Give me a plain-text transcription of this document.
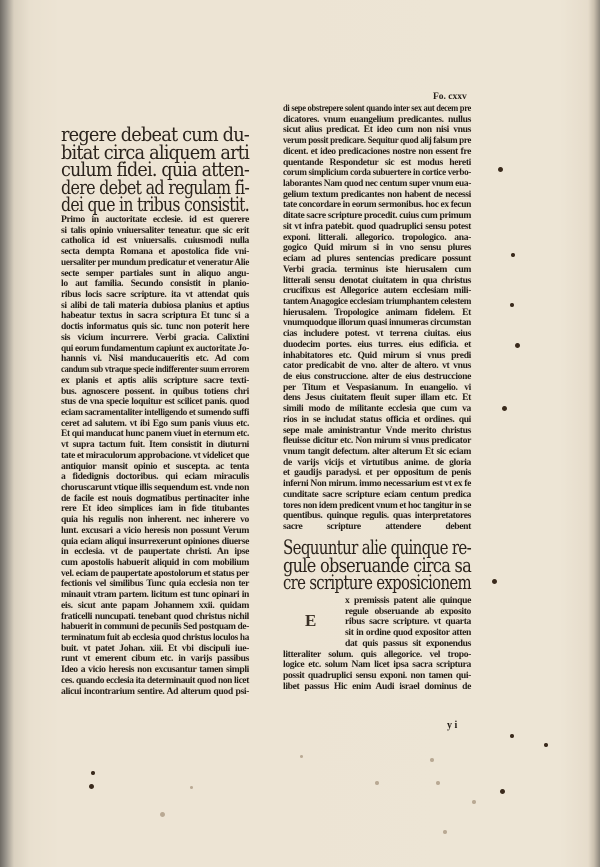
regere debeat cum du-
bitat circa aliquem arti
culum fidei. quia atten-
dere debet ad regulam fi-
dei que in tribus consistit.
Primo in auctoritate ecclesie. id est querere
si talis opinio vniuersaliter teneatur. que sic erit
catholica id est vniuersalis. cuiusmodi nulla
secta dempta Romana et apostolica fide vni-
uersaliter per mundum predicatur et veneratur Alie
secte semper partiales sunt in aliquo angu-
lo aut familia. Secundo consistit in planio-
ribus locis sacre scripture. ita vt attendat quis
si alibi de tali materia dubiosa planius et aptius
habeatur textus in sacra scriptura Et tunc si a
doctis informatus quis sic. tunc non poterit here
sis vicium incurrere. Verbi gracia. Calixtini
qui eorum fundamentum capiunt ex auctoritate Jo-
hannis vi. Nisi manducaueritis etc. Ad com
candum sub vtraque specie indifferenter suum errorem
ex planis et aptis aliis scripture sacre texti-
bus. agnoscere possent. in quibus totiens chri
stus de vna specie loquitur est scilicet panis. quod
eciam sacramentaliter intelligendo et sumendo suffi
ceret ad salutem. vt ibi Ego sum panis viuus etc.
Et qui manducat hunc panem viuet in eternum etc.
vt supra tactum fuit. Item consistit in diuturni
tate et miraculorum approbacione. vt videlicet que
antiquior mansit opinio et suscepta. ac tenta
a fidedignis doctoribus. qui eciam miraculis
choruscarunt vtique illis sequendum est. vnde non
de facile est nouis dogmatibus pertinaciter inhe
rere Et ideo simplices iam in fide titubantes
quia his regulis non inherent. nec inherere vo
lunt. excusari a vicio heresis non possunt Verum
quia eciam aliqui insurrexerunt opiniones diuerse
in ecclesia. vt de paupertate christi. An ipse
cum apostolis habuerit aliquid in com mobilium
vel. eciam de paupertate apostolorum et status per
fectionis vel similibus Tunc quia ecclesia non ter
minauit vtram partem. licitum est tunc opinari in
eis. sicut ante papam Johannem xxii. quidam
fraticelli nuncupati. tenebant quod christus nichil
habuerit in communi de pecuniis Sed postquam de-
terminatum fuit ab ecclesia quod christus loculos ha
buit. vt patet Johan. xiii. Et vbi discipuli iue-
runt vt emerent cibum etc. in varijs passibus
Ideo a vicio heresis non excusantur tamen simpli
ces. quando ecclesia ita determinauit quod non licet
alicui incontrarium sentire. Ad alterum quod psi-
Fo. cxxv
di sepe obstrepere solent quando inter sex aut decem pre
dicatores. vnum euangelium predicantes. nullus
sicut alius predicat. Et ideo cum non nisi vnus
verum possit predicare. Sequitur quod alij falsum pre
dicent. et ideo predicaciones nostre non essent fre
quentande Respondetur sic est modus hereti
corum simplicium corda subuertere in cortice verbo-
laborantes Nam quod nec centum super vnum eua-
gelium textum predicantes non habent de necessi
tate concordare in eorum sermonibus. hoc ex fecun
ditate sacre scripture procedit. cuius cum primum
sit vt infra patebit. quod quadruplici sensu potest
exponi. litterali. allegorico. tropologico. ana-
gogico Quid mirum si in vno sensu plures
eciam ad plures sentencias predicare possunt
Verbi gracia. terminus iste hierusalem cum
litterali sensu denotat ciuitatem in qua christus
crucifixus est Allegorice autem ecclesiam mili-
tantem Anagogice ecclesiam triumphantem celestem
hierusalem. Tropologice animam fidelem. Et
vnumquodque illorum quasi innumeras circumstan
cias includere potest. vt terrena ciuitas. eius
duodecim portes. eius turres. eius edificia. et
inhabitatores etc. Quid mirum si vnus predi
cator predicabit de vno. alter de altero. vt vnus
de eius construccione. alter de eius destruccione
per Titum et Vespasianum. In euangelio. vi
dens Jesus ciuitatem fleuit super illam etc. Et
simili modo de militante ecclesia que cum va
rios in se includat status officia et ordines. qui
sepe male aministrantur Vnde merito christus
fleuisse dicitur etc. Non mirum si vnus predicator
vnum tangit defectum. alter alterum Et sic eciam
de varijs vicijs et virtutibus anime. de gloria
et gaudijs paradysi. et per oppositum de penis
inferni Non mirum. immo necessarium est vt ex fe
cunditate sacre scripture eciam centum predica
tores non idem predicent vnum et hoc tangitur in se
quentibus. quinque regulis. quas interpretatores
sacre scripture attendere debent
Sequuntur alie quinque re-
gule obseruande circa sa
cre scripture exposicionem
E
x premissis patent alie quinque
regule obseruande ab exposito
ribus sacre scripture. vt quarta
sit in ordine quod expositor atten
dat quis passus sit exponendus
litteraliter solum. quis allegorice. vel tropo-
logice etc. solum Nam licet ipsa sacra scriptura
possit quadruplici sensu exponi. non tamen qui-
libet passus Hic enim Audi israel dominus de
y i
